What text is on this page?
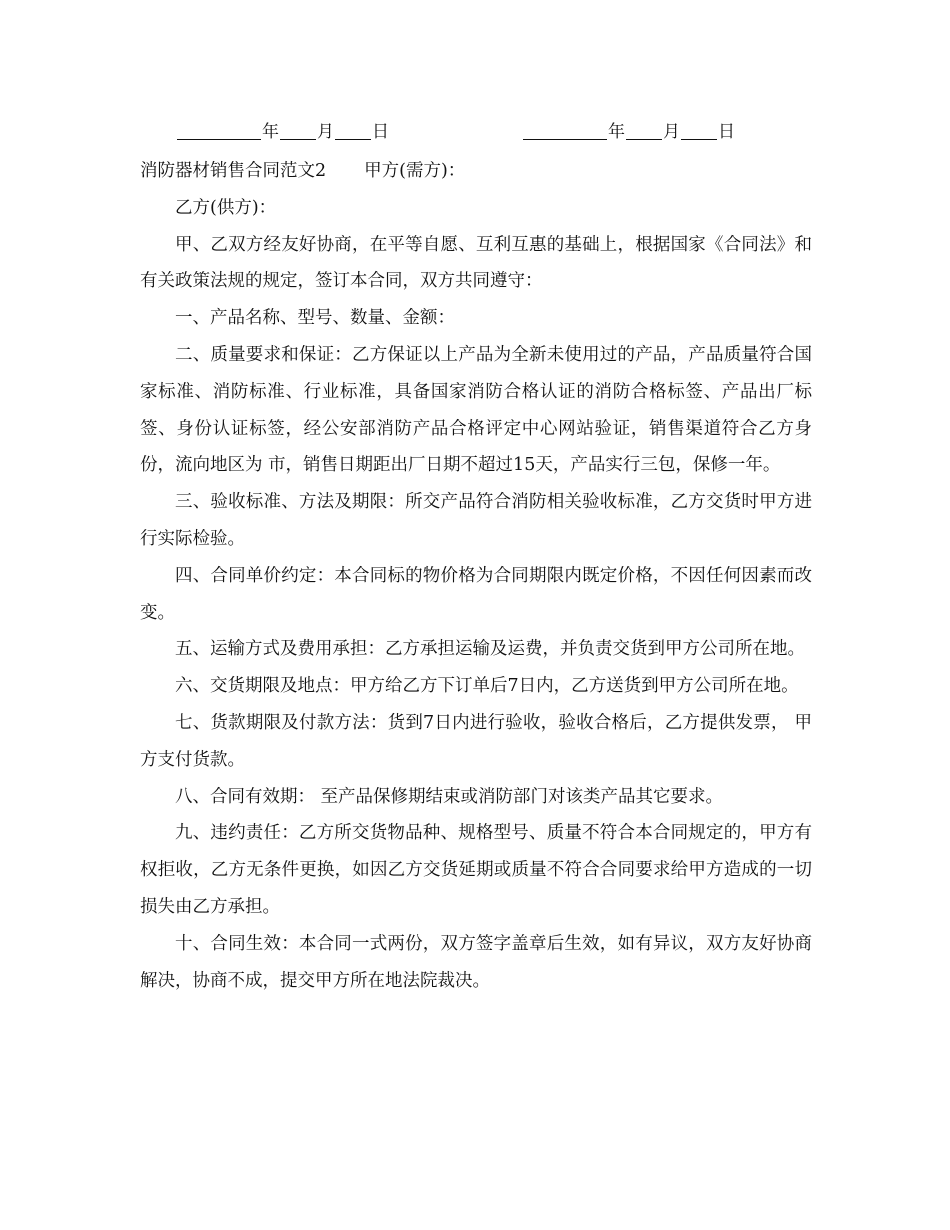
年 月 日	年 月 日
消防器材销售合同范文2 甲方(需方)：

乙方(供方)：

甲、乙双方经友好协商，在平等自愿、互利互惠的基础上，根据国家《合同法》和有关政策法规的规定，签订本合同，双方共同遵守：

一、产品名称、型号、数量、金额：

二、质量要求和保证：乙方保证以上产品为全新未使用过的产品，产品质量符合国家标准、消防标准、行业标准，具备国家消防合格认证的消防合格标签、产品出厂标签、身份认证标签，经公安部消防产品合格评定中心网站验证，销售渠道符合乙方身份，流向地区为 市，销售日期距出厂日期不超过15天，产品实行三包，保修一年。

三、验收标准、方法及期限：所交产品符合消防相关验收标准，乙方交货时甲方进行实际检验。

四、合同单价约定：本合同标的物价格为合同期限内既定价格，不因任何因素而改变。

五、运输方式及费用承担：乙方承担运输及运费，并负责交货到甲方公司所在地。

六、交货期限及地点：甲方给乙方下订单后7日内，乙方送货到甲方公司所在地。

七、货款期限及付款方法：货到7日内进行验收，验收合格后，乙方提供发票， 甲方支付货款。

八、合同有效期： 至产品保修期结束或消防部门对该类产品其它要求。

九、违约责任：乙方所交货物品种、规格型号、质量不符合本合同规定的，甲方有权拒收，乙方无条件更换，如因乙方交货延期或质量不符合合同要求给甲方造成的一切损失由乙方承担。

十、合同生效：本合同一式两份，双方签字盖章后生效，如有异议，双方友好协商解决，协商不成，提交甲方所在地法院裁决。
